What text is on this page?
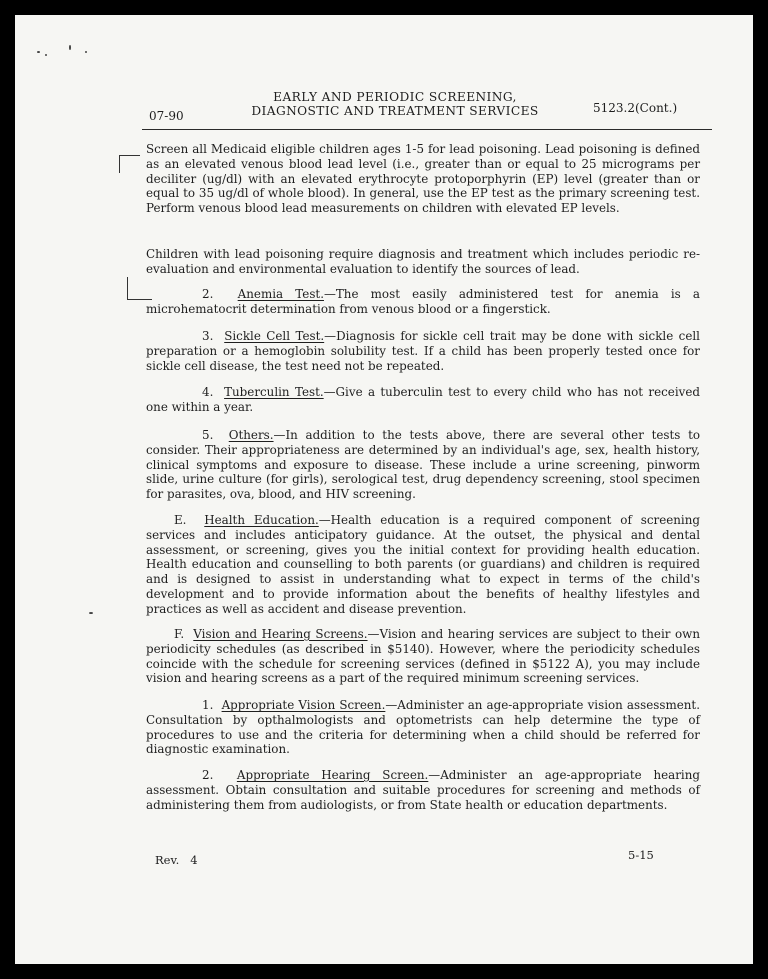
EARLY AND PERIODIC SCREENING,
DIAGNOSTIC AND TREATMENT SERVICES
07-90
5123.2(Cont.)

Screen all Medicaid eligible children ages 1-5 for lead poisoning. Lead poisoning is defined as an elevated venous blood lead level (i.e., greater than or equal to 25 micrograms per deciliter (ug/dl) with an elevated erythrocyte protoporphyrin (EP) level (greater than or equal to 35 ug/dl of whole blood). In general, use the EP test as the primary screening test. Perform venous blood lead measurements on children with elevated EP levels.

Children with lead poisoning require diagnosis and treatment which includes periodic re-evaluation and environmental evaluation to identify the sources of lead.

2. Anemia Test.—The most easily administered test for anemia is a microhematocrit determination from venous blood or a fingerstick.

3. Sickle Cell Test.—Diagnosis for sickle cell trait may be done with sickle cell preparation or a hemoglobin solubility test. If a child has been properly tested once for sickle cell disease, the test need not be repeated.

4. Tuberculin Test.—Give a tuberculin test to every child who has not received one within a year.

5. Others.—In addition to the tests above, there are several other tests to consider. Their appropriateness are determined by an individual's age, sex, health history, clinical symptoms and exposure to disease. These include a urine screening, pinworm slide, urine culture (for girls), serological test, drug dependency screening, stool specimen for parasites, ova, blood, and HIV screening.

E. Health Education.—Health education is a required component of screening services and includes anticipatory guidance. At the outset, the physical and dental assessment, or screening, gives you the initial context for providing health education. Health education and counselling to both parents (or guardians) and children is required and is designed to assist in understanding what to expect in terms of the child's development and to provide information about the benefits of healthy lifestyles and practices as well as accident and disease prevention.

F. Vision and Hearing Screens.—Vision and hearing services are subject to their own periodicity schedules (as described in $5140). However, where the periodicity schedules coincide with the schedule for screening services (defined in $5122 A), you may include vision and hearing screens as a part of the required minimum screening services.

1. Appropriate Vision Screen.—Administer an age-appropriate vision assessment. Consultation by opthalmologists and optometrists can help determine the type of procedures to use and the criteria for determining when a child should be referred for diagnostic examination.

2. Appropriate Hearing Screen.—Administer an age-appropriate hearing assessment. Obtain consultation and suitable procedures for screening and methods of administering them from audiologists, or from State health or education departments.

Rev. 4	5-15
